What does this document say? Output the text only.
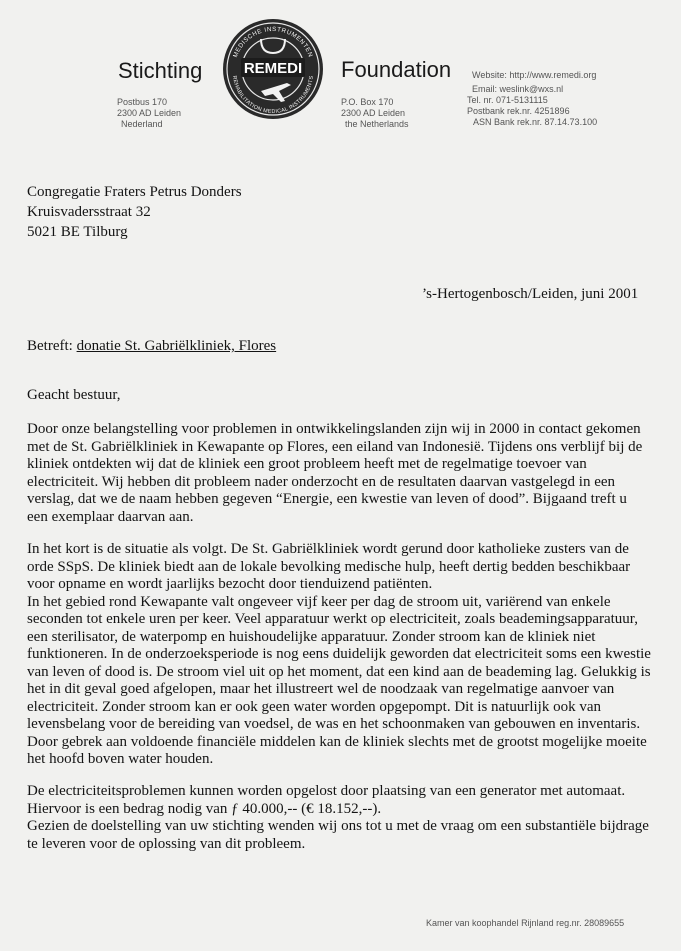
Stichting
MEDISCHE INSTRUMENTEN
REHABILITATION MEDICAL INSTRUMENTS
REMEDI Foundation
Postbus 170
2300 AD Leiden
Nederland
P.O. Box 170
2300 AD Leiden
the Netherlands
Website: http://www.remedi.org
Email: weslink@wxs.nl
Tel. nr. 071-5131115
Postbank rek.nr. 4251896
ASN Bank rek.nr. 87.14.73.100
Congregatie Fraters Petrus Donders
Kruisvadersstraat 32
5021 BE Tilburg
’s-Hertogenbosch/Leiden, juni 2001
Betreft: donatie St. Gabriëlkliniek, Flores
Geacht bestuur,
Door onze belangstelling voor problemen in ontwikkelingslanden zijn wij in 2000 in contact gekomen
met de St. Gabriëlkliniek in Kewapante op Flores, een eiland van Indonesië. Tijdens ons verblijf bij de
kliniek ontdekten wij dat de kliniek een groot probleem heeft met de regelmatige toevoer van
electriciteit. Wij hebben dit probleem nader onderzocht en de resultaten daarvan vastgelegd in een
verslag, dat we de naam hebben gegeven “Energie, een kwestie van leven of dood”. Bijgaand treft u
een exemplaar daarvan aan.
In het kort is de situatie als volgt. De St. Gabriëlkliniek wordt gerund door katholieke zusters van de
orde SSpS. De kliniek biedt aan de lokale bevolking medische hulp, heeft dertig bedden beschikbaar
voor opname en wordt jaarlijks bezocht door tienduizend patiënten.
In het gebied rond Kewapante valt ongeveer vijf keer per dag de stroom uit, variërend van enkele
seconden tot enkele uren per keer. Veel apparatuur werkt op electriciteit, zoals beademingsapparatuur,
een sterilisator, de waterpomp en huishoudelijke apparatuur. Zonder stroom kan de kliniek niet
funktioneren. In de onderzoeksperiode is nog eens duidelijk geworden dat electriciteit soms een kwestie
van leven of dood is. De stroom viel uit op het moment, dat een kind aan de beademing lag. Gelukkig is
het in dit geval goed afgelopen, maar het illustreert wel de noodzaak van regelmatige aanvoer van
electriciteit. Zonder stroom kan er ook geen water worden opgepompt. Dit is natuurlijk ook van
levensbelang voor de bereiding van voedsel, de was en het schoonmaken van gebouwen en inventaris.
Door gebrek aan voldoende financiële middelen kan de kliniek slechts met de grootst mogelijke moeite
het hoofd boven water houden.
De electriciteitsproblemen kunnen worden opgelost door plaatsing van een generator met automaat.
Hiervoor is een bedrag nodig van ƒ 40.000,-- (€ 18.152,--).
Gezien de doelstelling van uw stichting wenden wij ons tot u met de vraag om een substantiële bijdrage
te leveren voor de oplossing van dit probleem.
Kamer van koophandel Rijnland reg.nr. 28089655
